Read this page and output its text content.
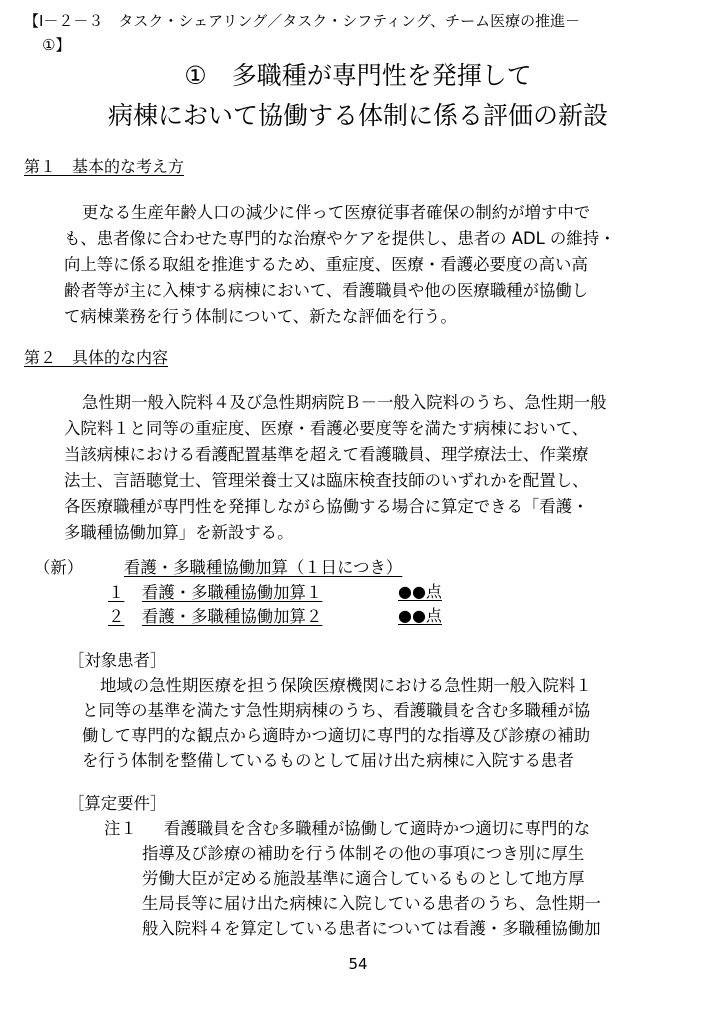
【Ⅰ－２－３　タスク・シェアリング／タスク・シフティング、チーム医療の推進－
①】
①　多職種が専門性を発揮して
病棟において協働する体制に係る評価の新設
第１　基本的な考え方
更なる生産年齢人口の減少に伴って医療従事者確保の制約が増す中で
も、患者像に合わせた専門的な治療やケアを提供し、患者の ADL の維持・
向上等に係る取組を推進するため、重症度、医療・看護必要度の高い高
齢者等が主に入棟する病棟において、看護職員や他の医療職種が協働し
て病棟業務を行う体制について、新たな評価を行う。
第２　具体的な内容
急性期一般入院料４及び急性期病院Ｂ－一般入院料のうち、急性期一般
入院料１と同等の重症度、医療・看護必要度等を満たす病棟において、
当該病棟における看護配置基準を超えて看護職員、理学療法士、作業療
法士、言語聴覚士、管理栄養士又は臨床検査技師のいずれかを配置し、
各医療職種が専門性を発揮しながら協働する場合に算定できる「看護・
多職種協働加算」を新設する。
（新） 看護・多職種協働加算（１日につき）
１ 看護・多職種協働加算１	●●点
２ 看護・多職種協働加算２	●●点
［対象患者］
地域の急性期医療を担う保険医療機関における急性期一般入院料１
と同等の基準を満たす急性期病棟のうち、看護職員を含む多職種が協
働して専門的な観点から適時かつ適切に専門的な指導及び診療の補助
を行う体制を整備しているものとして届け出た病棟に入院する患者
［算定要件］
注１ 看護職員を含む多職種が協働して適時かつ適切に専門的な
指導及び診療の補助を行う体制その他の事項につき別に厚生
労働大臣が定める施設基準に適合しているものとして地方厚
生局長等に届け出た病棟に入院している患者のうち、急性期一
般入院料４を算定している患者については看護・多職種協働加
54
